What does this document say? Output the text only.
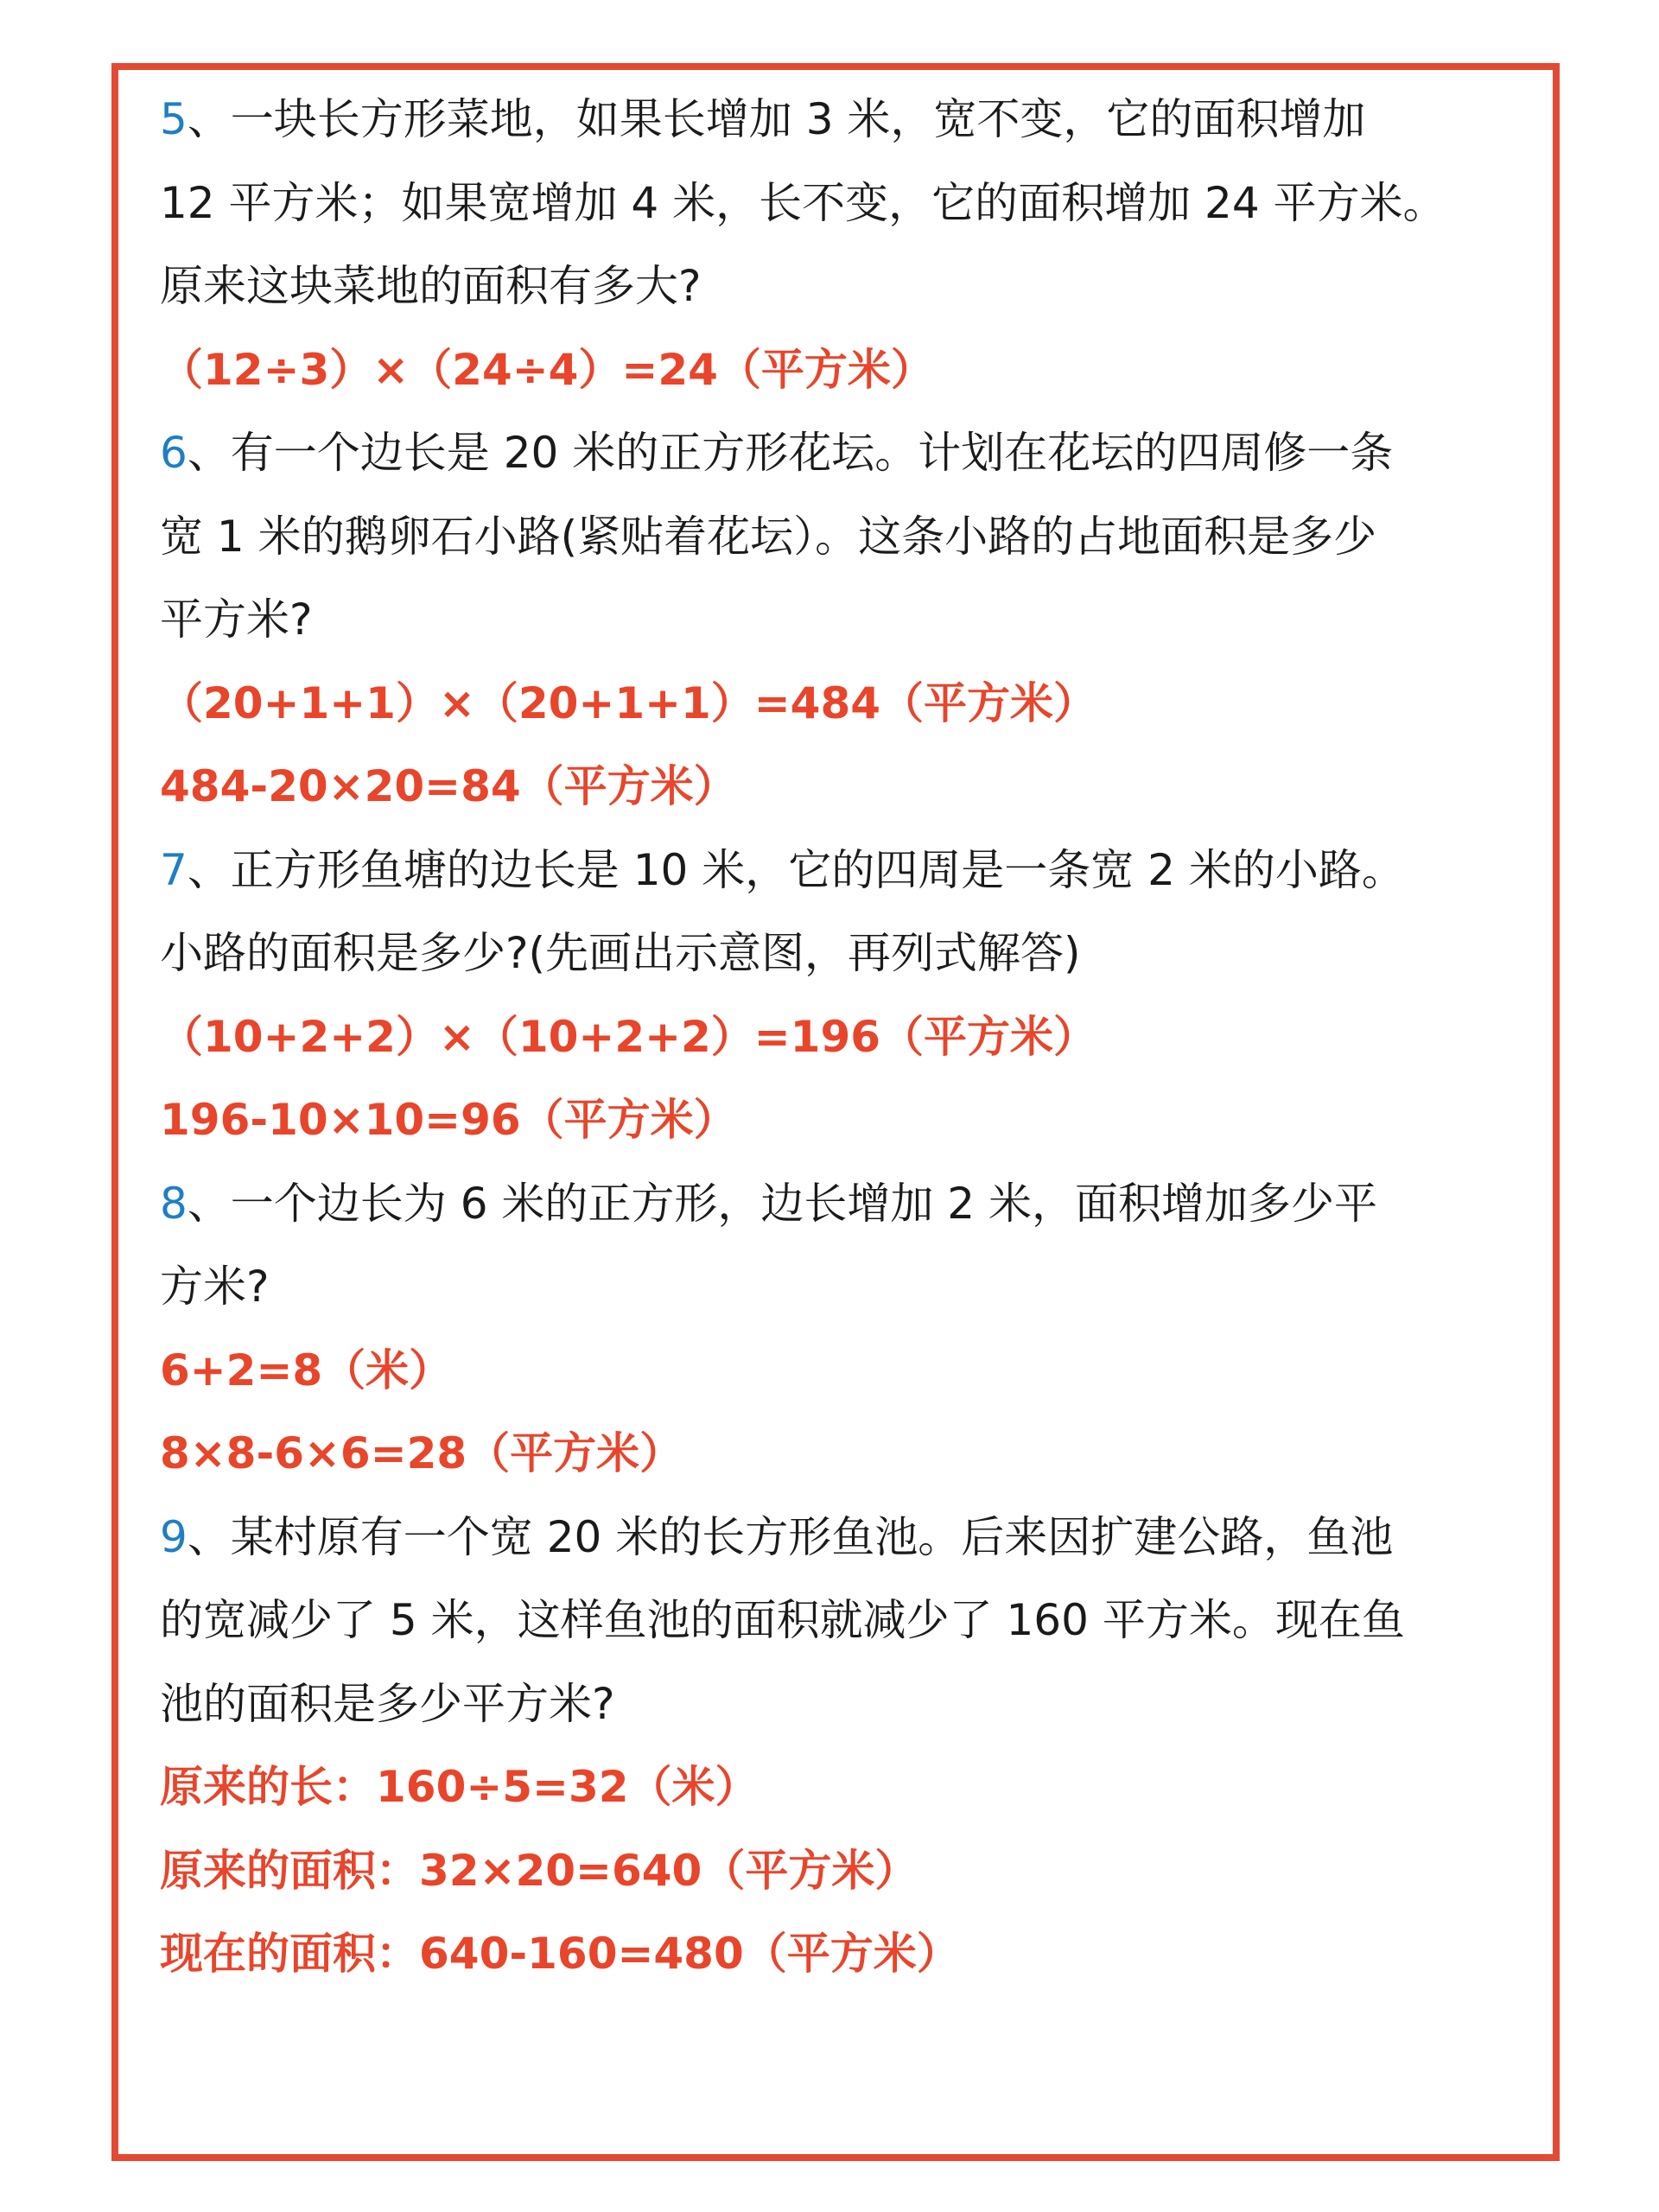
5、一块长方形菜地，如果长增加 3 米，宽不变，它的面积增加
12 平方米；如果宽增加 4 米，长不变，它的面积增加 24 平方米。
原来这块菜地的面积有多大?
（12÷3）×（24÷4）=24（平方米）
6、有一个边长是 20 米的正方形花坛。计划在花坛的四周修一条
宽 1 米的鹅卵石小路(紧贴着花坛）。这条小路的占地面积是多少
平方米?
（20+1+1）×（20+1+1）=484（平方米）
484-20×20=84（平方米）
7、正方形鱼塘的边长是 10 米，它的四周是一条宽 2 米的小路。
小路的面积是多少?(先画出示意图，再列式解答)
（10+2+2）×（10+2+2）=196（平方米）
196-10×10=96（平方米）
8、一个边长为 6 米的正方形，边长增加 2 米，面积增加多少平
方米?
6+2=8（米）
8×8-6×6=28（平方米）
9、某村原有一个宽 20 米的长方形鱼池。后来因扩建公路，鱼池
的宽减少了 5 米，这样鱼池的面积就减少了 160 平方米。现在鱼
池的面积是多少平方米?
原来的长：160÷5=32（米）
原来的面积：32×20=640（平方米）
现在的面积：640-160=480（平方米）
